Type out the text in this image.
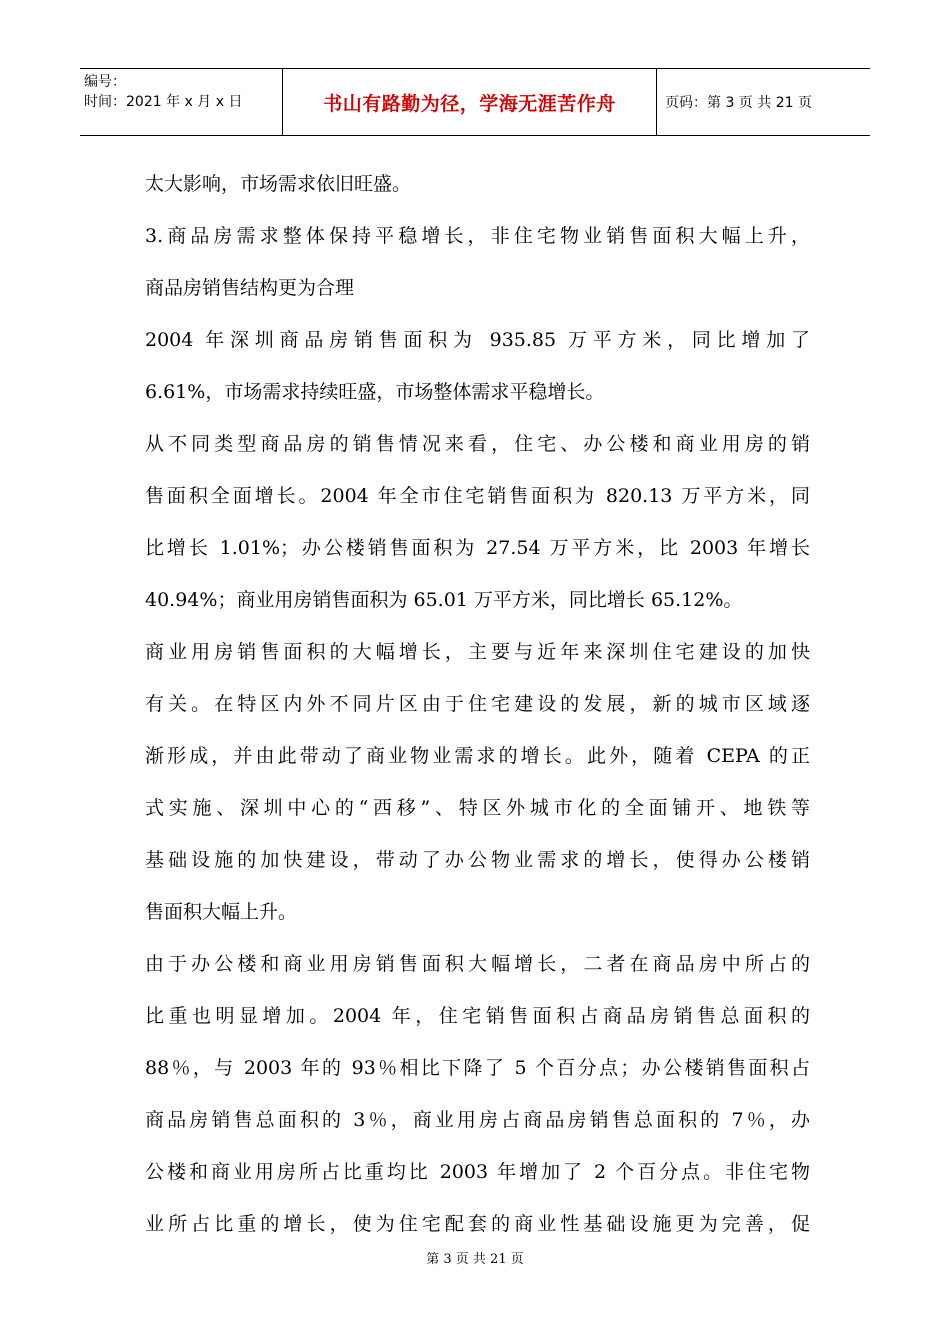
编号：
时间：2021 年 x 月 x 日	书山有路勤为径，学海无涯苦作舟	页码：第 3 页 共 21 页
太大影响，市场需求依旧旺盛。
3.商品房需求整体保持平稳增长，非住宅物业销售面积大幅上升，
商品房销售结构更为合理
2004 年深圳商品房销售面积为 935.85 万平方米，同比增加了
6.61%，市场需求持续旺盛，市场整体需求平稳增长。
从不同类型商品房的销售情况来看，住宅、办公楼和商业用房的销
售面积全面增长。2004 年全市住宅销售面积为 820.13 万平方米，同
比增长 1.01%；办公楼销售面积为 27.54 万平方米，比 2003 年增长
40.94%；商业用房销售面积为 65.01 万平方米，同比增长 65.12%。
商业用房销售面积的大幅增长，主要与近年来深圳住宅建设的加快
有关。在特区内外不同片区由于住宅建设的发展，新的城市区域逐
渐形成，并由此带动了商业物业需求的增长。此外，随着 CEPA 的正
式实施、深圳中心的“西移”、特区外城市化的全面铺开、地铁等
基础设施的加快建设，带动了办公物业需求的增长，使得办公楼销
售面积大幅上升。
由于办公楼和商业用房销售面积大幅增长，二者在商品房中所占的
比重也明显增加。2004 年，住宅销售面积占商品房销售总面积的
88％，与 2003 年的 93％相比下降了 5 个百分点；办公楼销售面积占
商品房销售总面积的 3％，商业用房占商品房销售总面积的 7％，办
公楼和商业用房所占比重均比 2003 年增加了 2 个百分点。非住宅物
业所占比重的增长，使为住宅配套的商业性基础设施更为完善，促
第 3 页 共 21 页
